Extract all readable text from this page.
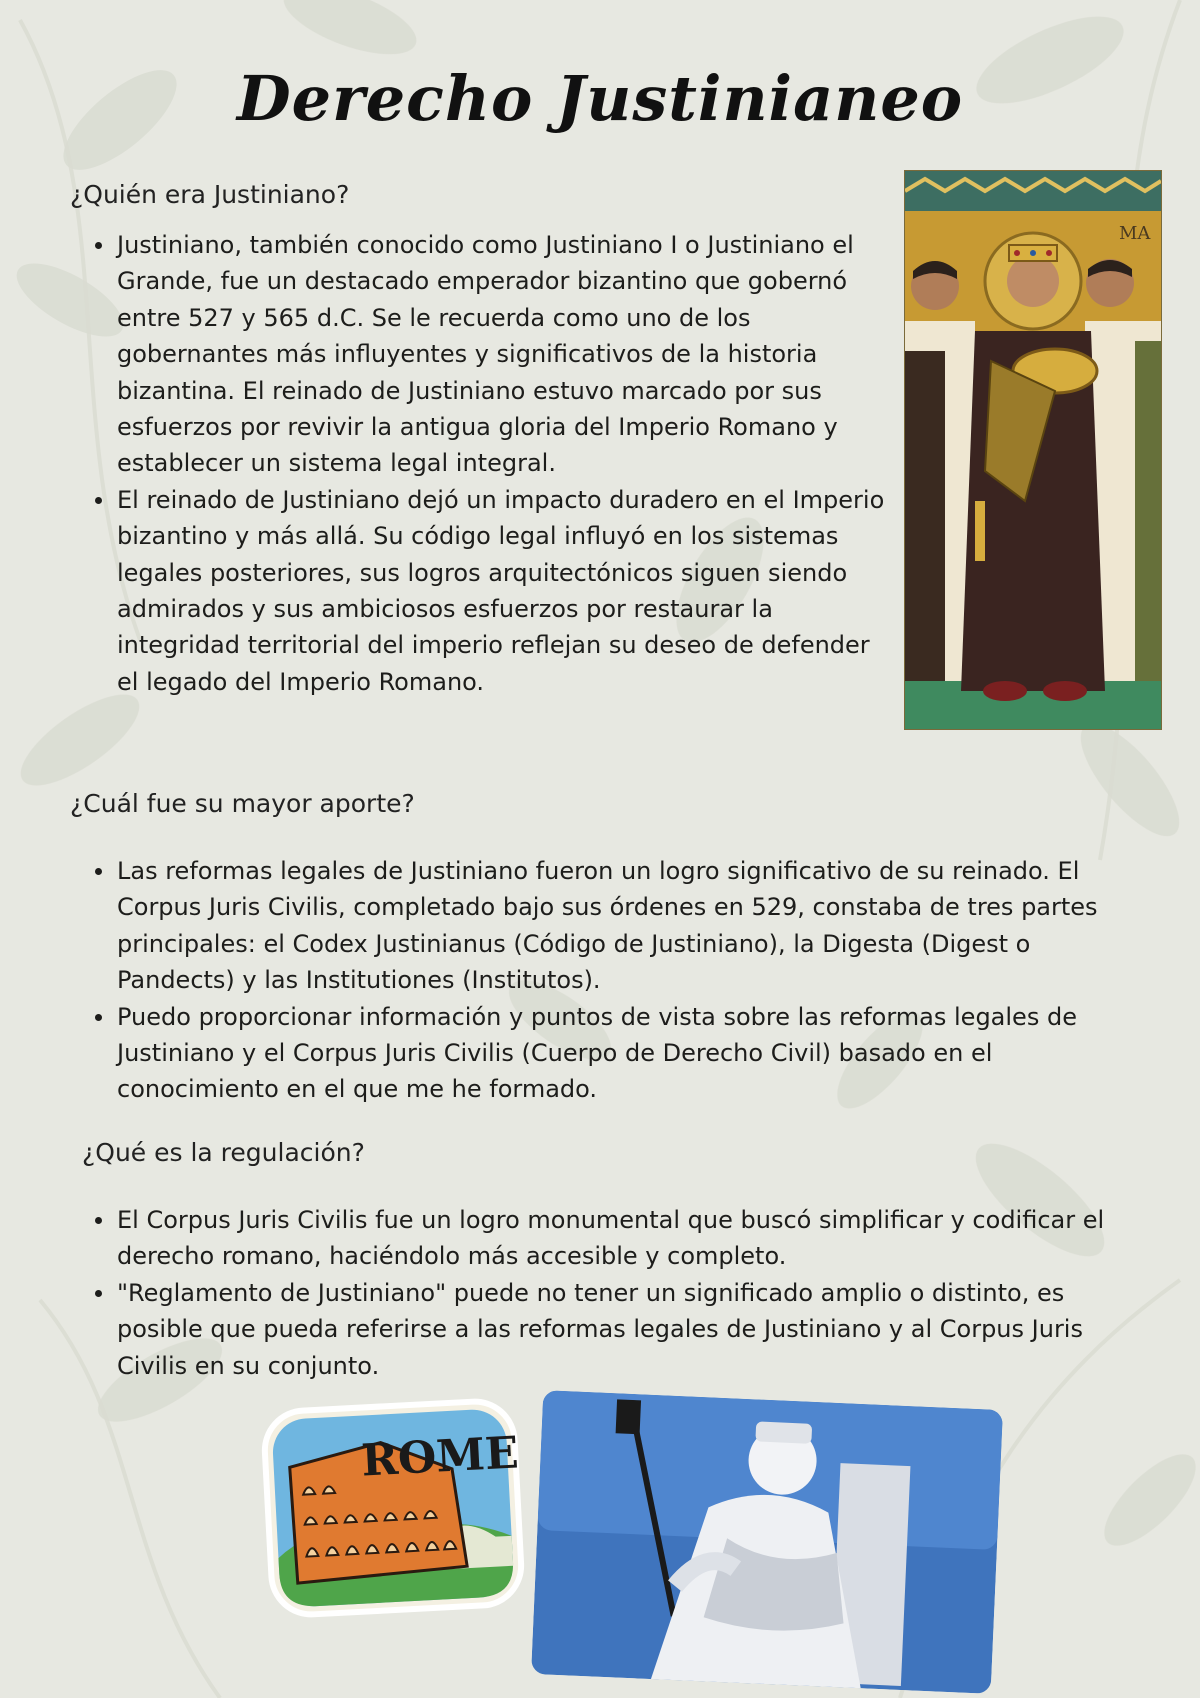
Derecho Justinianeo
¿Quién era Justiniano?
Justiniano, también conocido como Justiniano I o Justiniano el Grande, fue un destacado emperador bizantino que gobernó entre 527 y 565 d.C. Se le recuerda como uno de los gobernantes más influyentes y significativos de la historia bizantina. El reinado de Justiniano estuvo marcado por sus esfuerzos por revivir la antigua gloria del Imperio Romano y establecer un sistema legal integral.
El reinado de Justiniano dejó un impacto duradero en el Imperio bizantino y más allá. Su código legal influyó en los sistemas legales posteriores, sus logros arquitectónicos siguen siendo admirados y sus ambiciosos esfuerzos por restaurar la integridad territorial del imperio reflejan su deseo de defender el legado del Imperio Romano.
MA
¿Cuál fue su mayor aporte?
Las reformas legales de Justiniano fueron un logro significativo de su reinado. El Corpus Juris Civilis, completado bajo sus órdenes en 529, constaba de tres partes principales: el Codex Justinianus (Código de Justiniano), la Digesta (Digest o Pandects) y las Institutiones (Institutos).
Puedo proporcionar información y puntos de vista sobre las reformas legales de Justiniano y el Corpus Juris Civilis (Cuerpo de Derecho Civil) basado en el conocimiento en el que me he formado.
¿Qué es la regulación?
El Corpus Juris Civilis fue un logro monumental que buscó simplificar y codificar el derecho romano, haciéndolo más accesible y completo.
"Reglamento de Justiniano" puede no tener un significado amplio o distinto, es posible que pueda referirse a las reformas legales de Justiniano y al Corpus Juris Civilis en su conjunto.
ROME
